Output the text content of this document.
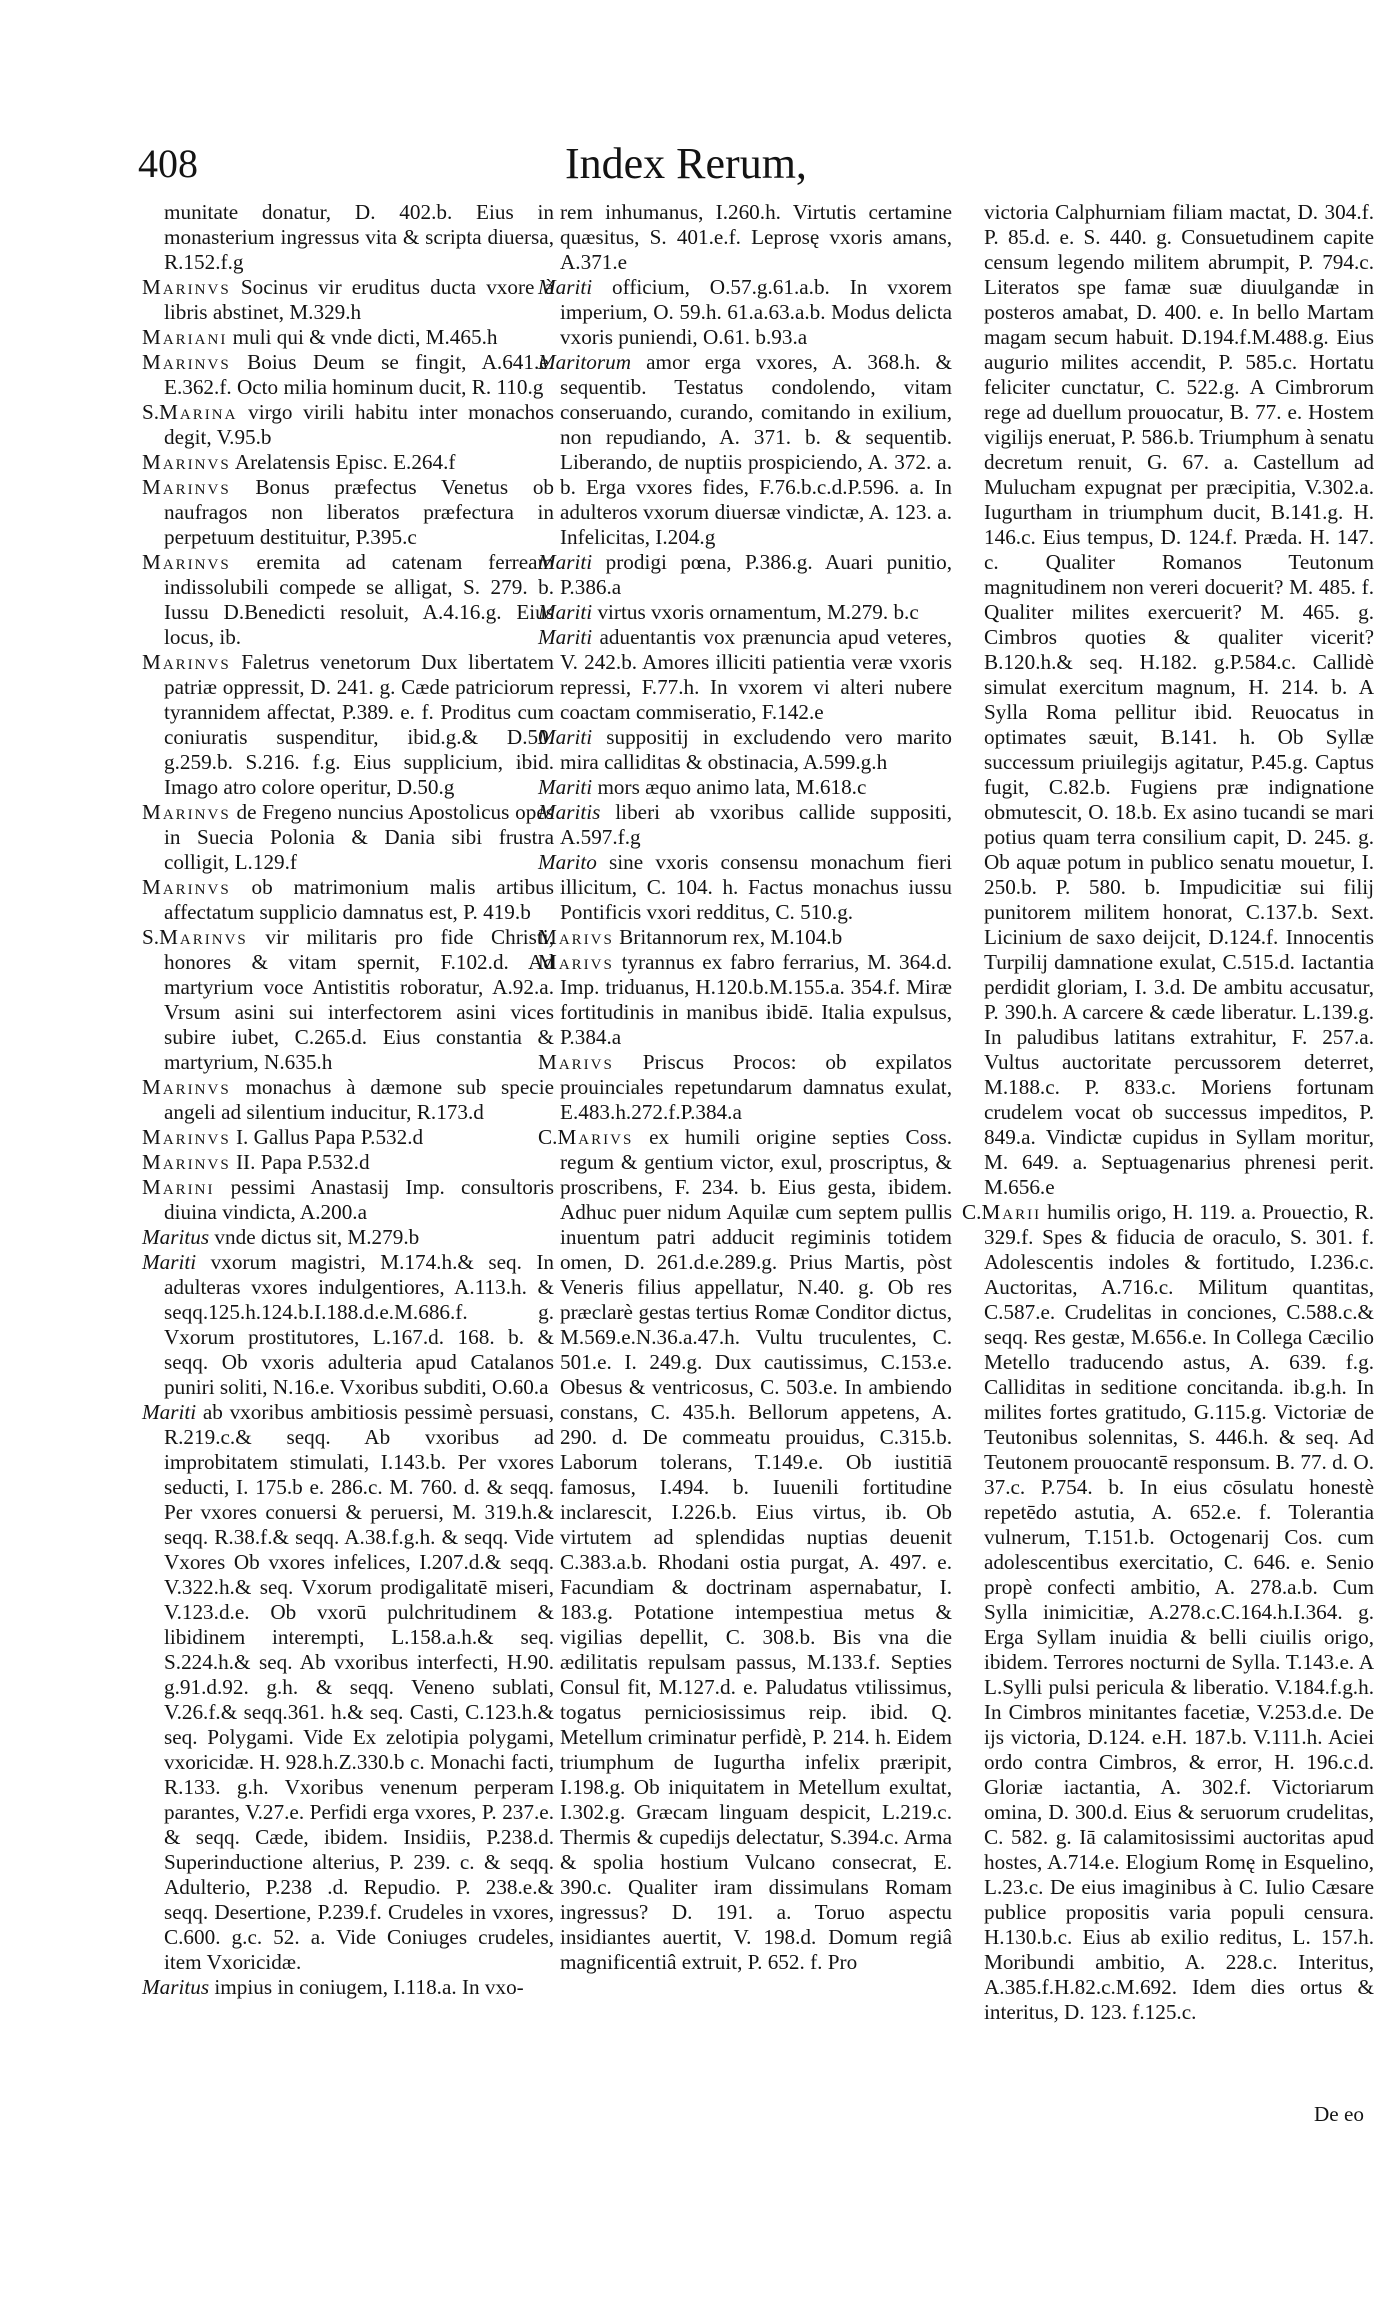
408	Index Rerum,

munitate donatur, D. 402.b. Eius in monasterium ingressus vita & scripta diuersa, R.152.f.g

Marinvs Socinus vir eruditus ducta vxore à libris abstinet, M.329.h

Mariani muli qui & vnde dicti, M.465.h

Marinvs Boius Deum se fingit, A.641.e. E.362.f. Octo milia hominum ducit, R. 110.g

S.Marina virgo virili habitu inter monachos degit, V.95.b

Marinvs Arelatensis Episc. E.264.f

Marinvs Bonus præfectus Venetus ob naufragos non liberatos præfectura in perpetuum destituitur, P.395.c

Marinvs eremita ad catenam ferream indissolubili compede se alligat, S. 279. b. Iussu D.Benedicti resoluit, A.4.16.g. Eius locus, ib.

Marinvs Faletrus venetorum Dux libertatem patriæ oppressit, D. 241. g. Cæde patriciorum tyrannidem affectat, P.389. e. f. Proditus cum coniuratis suspenditur, ibid.g.& D.50. g.259.b. S.216. f.g. Eius supplicium, ibid. Imago atro colore operitur, D.50.g

Marinvs de Fregeno nuncius Apostolicus opes in Suecia Polonia & Dania sibi frustra colligit, L.129.f

Marinvs ob matrimonium malis artibus affectatum supplicio damnatus est, P. 419.b

S.Marinvs vir militaris pro fide Christi, honores & vitam spernit, F.102.d. Ad martyrium voce Antistitis roboratur, A.92.a. Vrsum asini sui interfectorem asini vices subire iubet, C.265.d. Eius constantia & martyrium, N.635.h

Marinvs monachus à dæmone sub specie angeli ad silentium inducitur, R.173.d

Marinvs I. Gallus Papa P.532.d

Marinvs II. Papa P.532.d

Marini pessimi Anastasij Imp. consultoris diuina vindicta, A.200.a

Maritus vnde dictus sit, M.279.b

Mariti vxorum magistri, M.174.h.& seq. In adulteras vxores indulgentiores, A.113.h. & seqq.125.h.124.b.I.188.d.e.M.686.f. g. Vxorum prostitutores, L.167.d. 168. b. & seqq. Ob vxoris adulteria apud Catalanos puniri soliti, N.16.e. Vxoribus subditi, O.60.a

Mariti ab vxoribus ambitiosis pessimè persuasi, R.219.c.& seqq. Ab vxoribus ad improbitatem stimulati, I.143.b. Per vxores seducti, I. 175.b e. 286.c. M. 760. d. & seqq. Per vxores conuersi & peruersi, M. 319.h.& seqq. R.38.f.& seqq. A.38.f.g.h. & seqq. Vide Vxores Ob vxores infelices, I.207.d.& seqq. V.322.h.& seq. Vxorum prodigalitatē miseri, V.123.d.e. Ob vxorū pulchritudinem & libidinem interempti, L.158.a.h.& seq. S.224.h.& seq. Ab vxoribus interfecti, H.90. g.91.d.92. g.h. & seqq. Veneno sublati, V.26.f.& seqq.361. h.& seq. Casti, C.123.h.& seq. Polygami. Vide Ex zelotipia polygami, vxoricidæ. H. 928.h.Z.330.b c. Monachi facti, R.133. g.h. Vxoribus venenum perperam parantes, V.27.e. Perfidi erga vxores, P. 237.e. & seqq. Cæde, ibidem. Insidiis, P.238.d. Superinductione alterius, P. 239. c. & seqq. Adulterio, P.238 .d. Repudio. P. 238.e.& seqq. Desertione, P.239.f. Crudeles in vxores, C.600. g.c. 52. a. Vide Coniuges crudeles, item Vxoricidæ.

Maritus impius in coniugem, I.118.a. In vxo-

rem inhumanus, I.260.h. Virtutis certamine quæsitus, S. 401.e.f. Leprosę vxoris amans, A.371.e

Mariti officium, O.57.g.61.a.b. In vxorem imperium, O. 59.h. 61.a.63.a.b. Modus delicta vxoris puniendi, O.61. b.93.a

Maritorum amor erga vxores, A. 368.h. & sequentib. Testatus condolendo, vitam conseruando, curando, comitando in exilium, non repudiando, A. 371. b. & sequentib. Liberando, de nuptiis prospiciendo, A. 372. a. b. Erga vxores fides, F.76.b.c.d.P.596. a. In adulteros vxorum diuersæ vindictæ, A. 123. a. Infelicitas, I.204.g

Mariti prodigi pœna, P.386.g. Auari punitio, P.386.a

Mariti virtus vxoris ornamentum, M.279. b.c

Mariti aduentantis vox prænuncia apud veteres, V. 242.b. Amores illiciti patientia veræ vxoris repressi, F.77.h. In vxorem vi alteri nubere coactam commiseratio, F.142.e

Mariti suppositij in excludendo vero marito mira calliditas & obstinacia, A.599.g.h

Mariti mors æquo animo lata, M.618.c

Maritis liberi ab vxoribus callide suppositi, A.597.f.g

Marito sine vxoris consensu monachum fieri illicitum, C. 104. h. Factus monachus iussu Pontificis vxori redditus, C. 510.g.

Marivs Britannorum rex, M.104.b

Marivs tyrannus ex fabro ferrarius, M. 364.d. Imp. triduanus, H.120.b.M.155.a. 354.f. Miræ fortitudinis in manibus ibidē. Italia expulsus, P.384.a

Marivs Priscus Procos: ob expilatos prouinciales repetundarum damnatus exulat, E.483.h.272.f.P.384.a

C.Marivs ex humili origine septies Coss. regum & gentium victor, exul, proscriptus, & proscribens, F. 234. b. Eius gesta, ibidem. Adhuc puer nidum Aquilæ cum septem pullis inuentum patri adducit regiminis totidem omen, D. 261.d.e.289.g. Prius Martis, pòst Veneris filius appellatur, N.40. g. Ob res præclarè gestas tertius Romæ Conditor dictus, M.569.e.N.36.a.47.h. Vultu truculentes, C. 501.e. I. 249.g. Dux cautissimus, C.153.e. Obesus & ventricosus, C. 503.e. In ambiendo constans, C. 435.h. Bellorum appetens, A. 290. d. De commeatu prouidus, C.315.b. Laborum tolerans, T.149.e. Ob iustitiā famosus, I.494. b. Iuuenili fortitudine inclarescit, I.226.b. Eius virtus, ib. Ob virtutem ad splendidas nuptias deuenit C.383.a.b. Rhodani ostia purgat, A. 497. e. Facundiam & doctrinam aspernabatur, I. 183.g. Potatione intempestiua metus & vigilias depellit, C. 308.b. Bis vna die ædilitatis repulsam passus, M.133.f. Septies Consul fit, M.127.d. e. Paludatus vtilissimus, togatus perniciosissimus reip. ibid. Q. Metellum criminatur perfidè, P. 214. h. Eidem triumphum de Iugurtha infelix præripit, I.198.g. Ob iniquitatem in Metellum exultat, I.302.g. Græcam linguam despicit, L.219.c. Thermis & cupedijs delectatur, S.394.c. Arma & spolia hostium Vulcano consecrat, E. 390.c. Qualiter iram dissimulans Romam ingressus? D. 191. a. Toruo aspectu insidiantes auertit, V. 198.d. Domum regiâ magnificentiâ extruit, P. 652. f. Pro

victoria Calphurniam filiam mactat, D. 304.f. P. 85.d. e. S. 440. g. Consuetudinem capite censum legendo militem abrumpit, P. 794.c. Literatos spe famæ suæ diuulgandæ in posteros amabat, D. 400. e. In bello Martam magam secum habuit. D.194.f.M.488.g. Eius augurio milites accendit, P. 585.c. Hortatu feliciter cunctatur, C. 522.g. A Cimbrorum rege ad duellum prouocatur, B. 77. e. Hostem vigilijs eneruat, P. 586.b. Triumphum à senatu decretum renuit, G. 67. a. Castellum ad Mulucham expugnat per præcipitia, V.302.a. Iugurtham in triumphum ducit, B.141.g. H. 146.c. Eius tempus, D. 124.f. Præda. H. 147. c. Qualiter Romanos Teutonum magnitudinem non vereri docuerit? M. 485. f. Qualiter milites exercuerit? M. 465. g. Cimbros quoties & qualiter vicerit? B.120.h.& seq. H.182. g.P.584.c. Callidè simulat exercitum magnum, H. 214. b. A Sylla Roma pellitur ibid. Reuocatus in optimates sæuit, B.141. h. Ob Syllæ successum priuilegijs agitatur, P.45.g. Captus fugit, C.82.b. Fugiens præ indignatione obmutescit, O. 18.b. Ex asino tucandi se mari potius quam terra consilium capit, D. 245. g. Ob aquæ potum in publico senatu mouetur, I. 250.b. P. 580. b. Impudicitiæ sui filij punitorem militem honorat, C.137.b. Sext. Licinium de saxo deijcit, D.124.f. Innocentis Turpilij damnatione exulat, C.515.d. Iactantia perdidit gloriam, I. 3.d. De ambitu accusatur, P. 390.h. A carcere & cæde liberatur. L.139.g. In paludibus latitans extrahitur, F. 257.a. Vultus auctoritate percussorem deterret, M.188.c. P. 833.c. Moriens fortunam crudelem vocat ob successus impeditos, P. 849.a. Vindictæ cupidus in Syllam moritur, M. 649. a. Septuagenarius phrenesi perit. M.656.e

C.Marii humilis origo, H. 119. a. Prouectio, R. 329.f. Spes & fiducia de oraculo, S. 301. f. Adolescentis indoles & fortitudo, I.236.c. Auctoritas, A.716.c. Militum quantitas, C.587.e. Crudelitas in conciones, C.588.c.& seqq. Res gestæ, M.656.e. In Collega Cæcilio Metello traducendo astus, A. 639. f.g. Calliditas in seditione concitanda. ib.g.h. In milites fortes gratitudo, G.115.g. Victoriæ de Teutonibus solennitas, S. 446.h. & seq. Ad Teutonem prouocantē responsum. B. 77. d. O. 37.c. P.754. b. In eius cōsulatu honestè repetēdo astutia, A. 652.e. f. Tolerantia vulnerum, T.151.b. Octogenarij Cos. cum adolescentibus exercitatio, C. 646. e. Senio propè confecti ambitio, A. 278.a.b. Cum Sylla inimicitiæ, A.278.c.C.164.h.I.364. g. Erga Syllam inuidia & belli ciuilis origo, ibidem. Terrores nocturni de Sylla. T.143.e. A L.Sylli pulsi pericula & liberatio. V.184.f.g.h. In Cimbros minitantes facetiæ, V.253.d.e. De ijs victoria, D.124. e.H. 187.b. V.111.h. Aciei ordo contra Cimbros, & error, H. 196.c.d. Gloriæ iactantia, A. 302.f. Victoriarum omina, D. 300.d. Eius & seruorum crudelitas, C. 582. g. Iā calamitosissimi auctoritas apud hostes, A.714.e. Elogium Romę in Esquelino, L.23.c. De eius imaginibus à C. Iulio Cæsare publice propositis varia populi censura. H.130.b.c. Eius ab exilio reditus, L. 157.h. Moribundi ambitio, A. 228.c. Interitus, A.385.f.H.82.c.M.692. Idem dies ortus & interitus, D. 123. f.125.c.

De eo
